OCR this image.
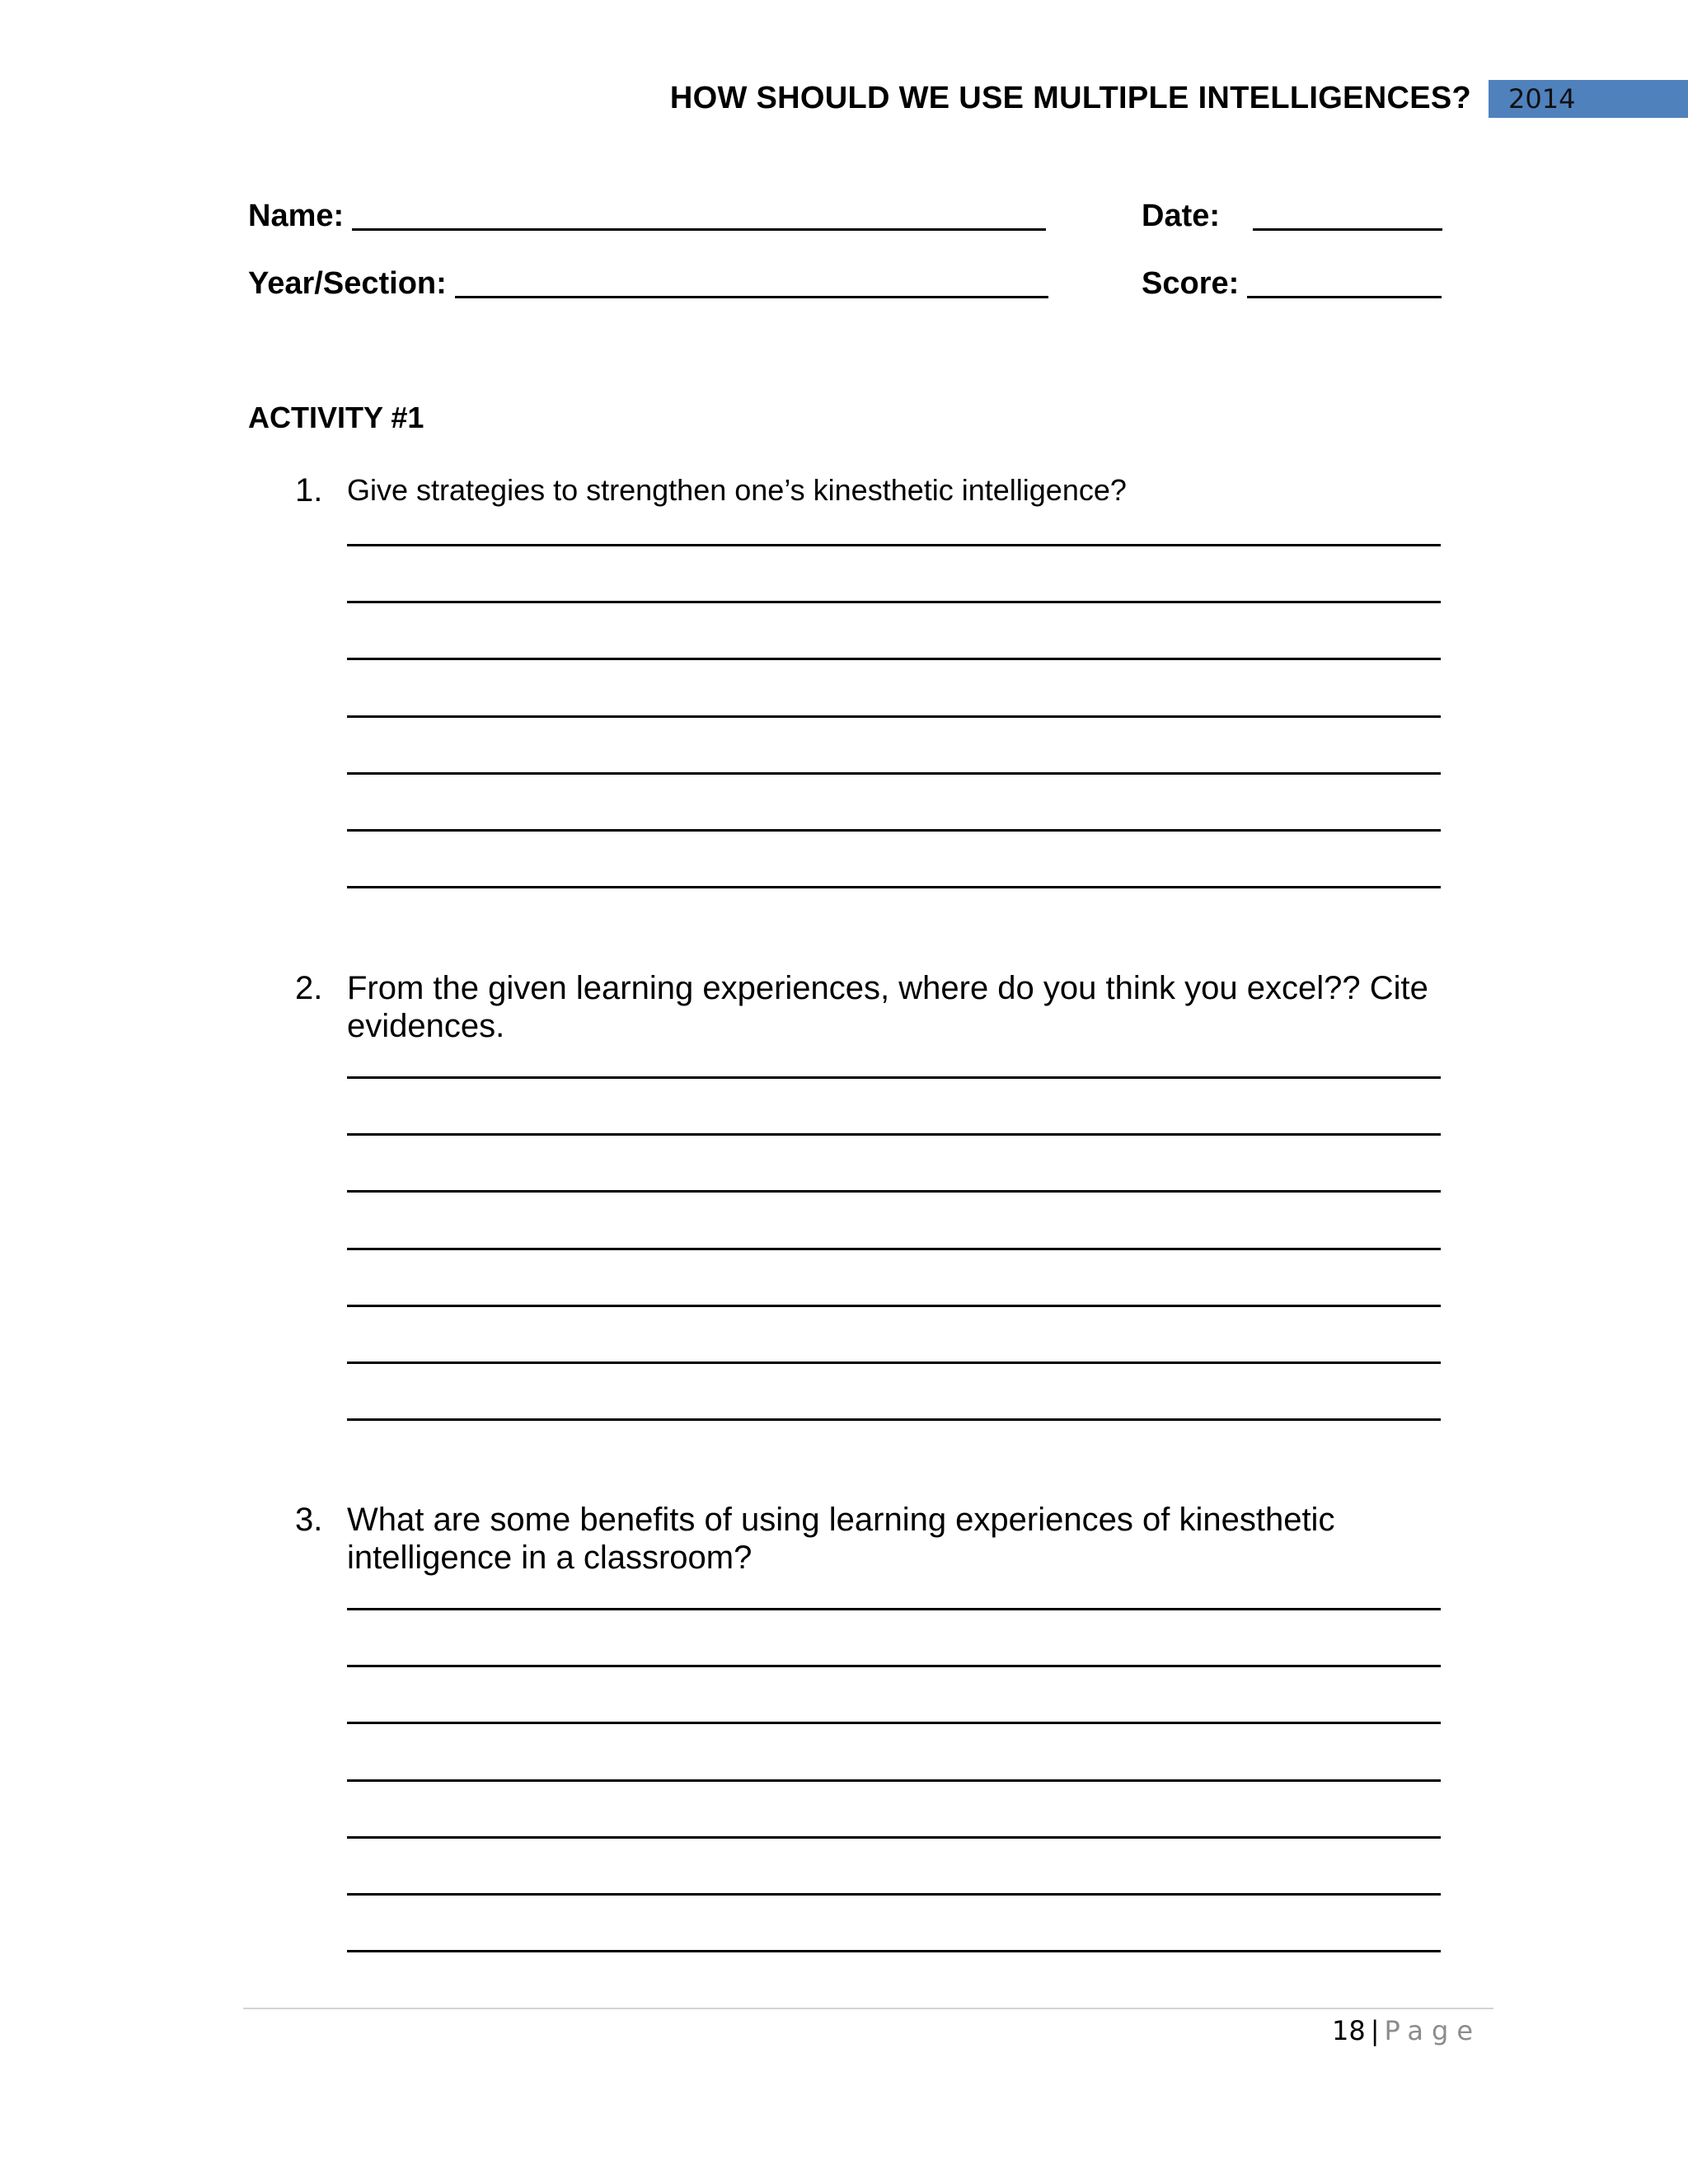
HOW SHOULD WE USE MULTIPLE INTELLIGENCES?	2014
Name:	Date:
Year/Section:	Score:
ACTIVITY #1
1. Give strategies to strengthen one’s kinesthetic intelligence?
2. From the given learning experiences, where do you think you excel?? Cite evidences.
3. What are some benefits of using learning experiences of kinesthetic intelligence in a classroom?
18 | Page
